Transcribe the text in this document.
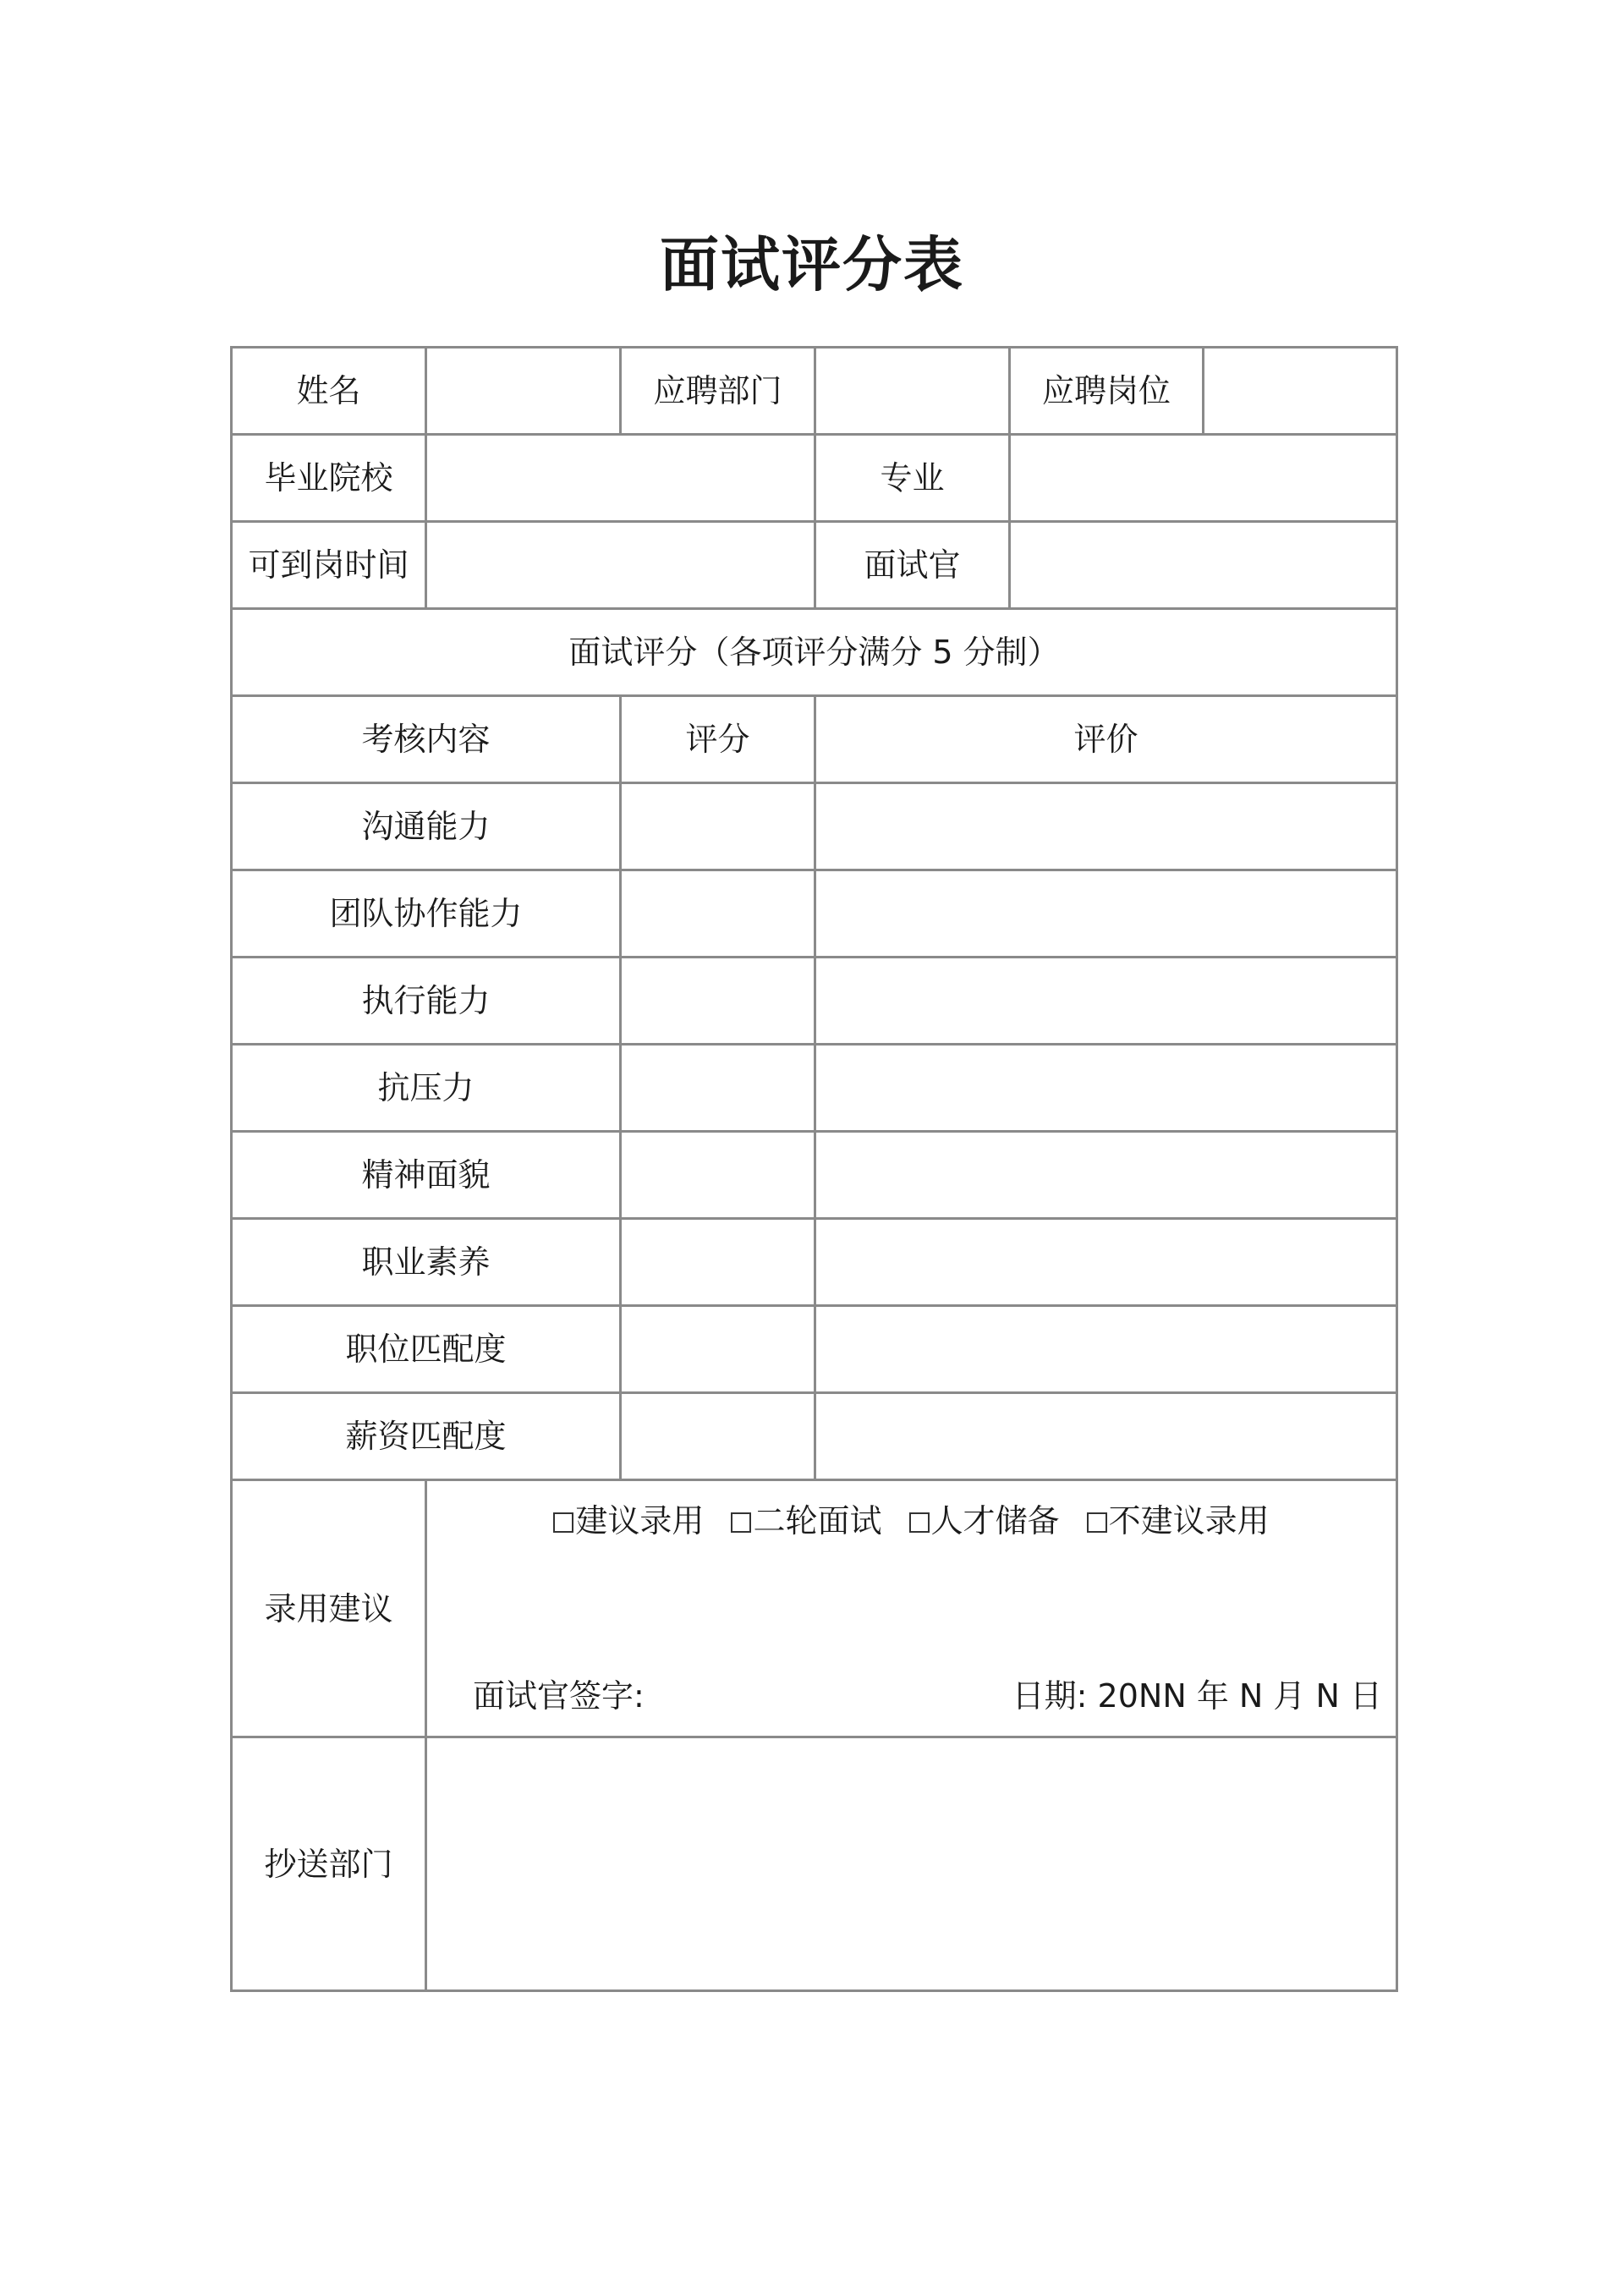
面试评分表
姓名		应聘部门		应聘岗位	
毕业院校			专业		
可到岗时间			面试官		
面试评分（各项评分满分 5 分制）					
考核内容		评分	评价		
沟通能力					
团队协作能力					
执行能力					
抗压力					
精神面貌					
职业素养					
职位匹配度					
薪资匹配度					
录用建议	建议录用 二轮面试 人才储备 不建议录用
面试官签字: 日期: 20NN 年 N 月 N 日				

抄送部门					
